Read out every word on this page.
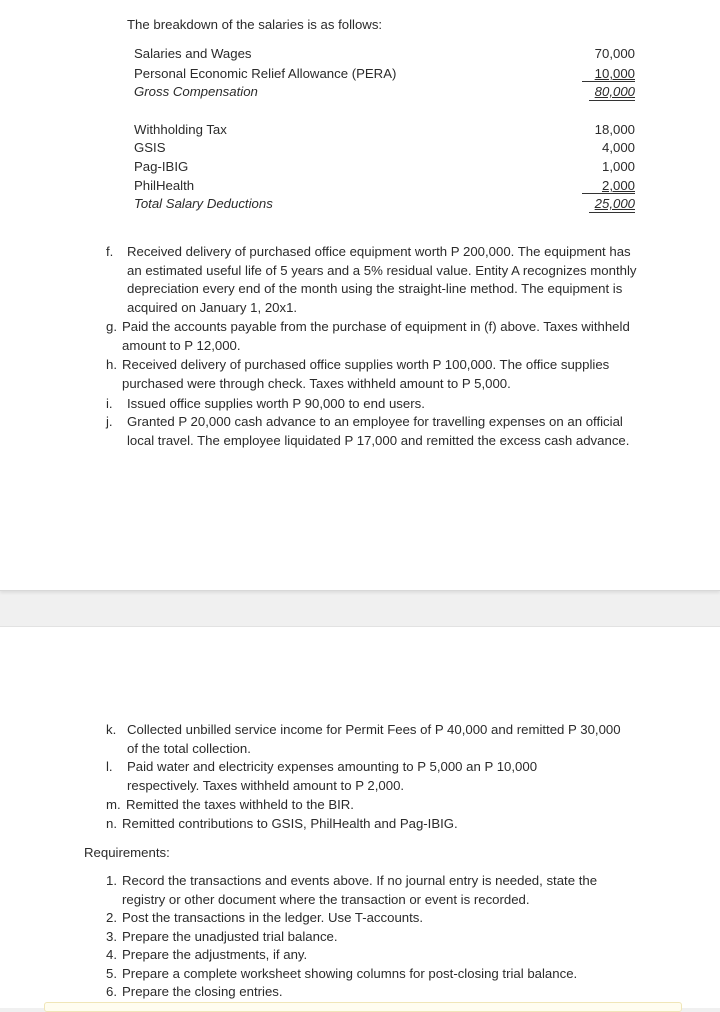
The breakdown of the salaries is as follows:
Salaries and Wages	70,000
Personal Economic Relief Allowance (PERA)	10,000
Gross Compensation	80,000
Withholding Tax	18,000
GSIS	4,000
Pag-IBIG	1,000
PhilHealth	2,000
Total Salary Deductions	25,000
f. Received delivery of purchased office equipment worth P 200,000. The equipment has an estimated useful life of 5 years and a 5% residual value. Entity A recognizes monthly depreciation every end of the month using the straight-line method. The equipment is acquired on January 1, 20x1.
g. Paid the accounts payable from the purchase of equipment in (f) above. Taxes withheld amount to P 12,000.
h. Received delivery of purchased office supplies worth P 100,000. The office supplies purchased were through check. Taxes withheld amount to P 5,000.
i. Issued office supplies worth P 90,000 to end users.
j. Granted P 20,000 cash advance to an employee for travelling expenses on an official local travel. The employee liquidated P 17,000 and remitted the excess cash advance.
k. Collected unbilled service income for Permit Fees of P 40,000 and remitted P 30,000 of the total collection.
l. Paid water and electricity expenses amounting to P 5,000 an P 10,000 respectively. Taxes withheld amount to P 2,000.
m. Remitted the taxes withheld to the BIR.
n. Remitted contributions to GSIS, PhilHealth and Pag-IBIG.
Requirements:
1. Record the transactions and events above. If no journal entry is needed, state the registry or other document where the transaction or event is recorded.
2. Post the transactions in the ledger. Use T-accounts.
3. Prepare the unadjusted trial balance.
4. Prepare the adjustments, if any.
5. Prepare a complete worksheet showing columns for post-closing trial balance.
6. Prepare the closing entries.
